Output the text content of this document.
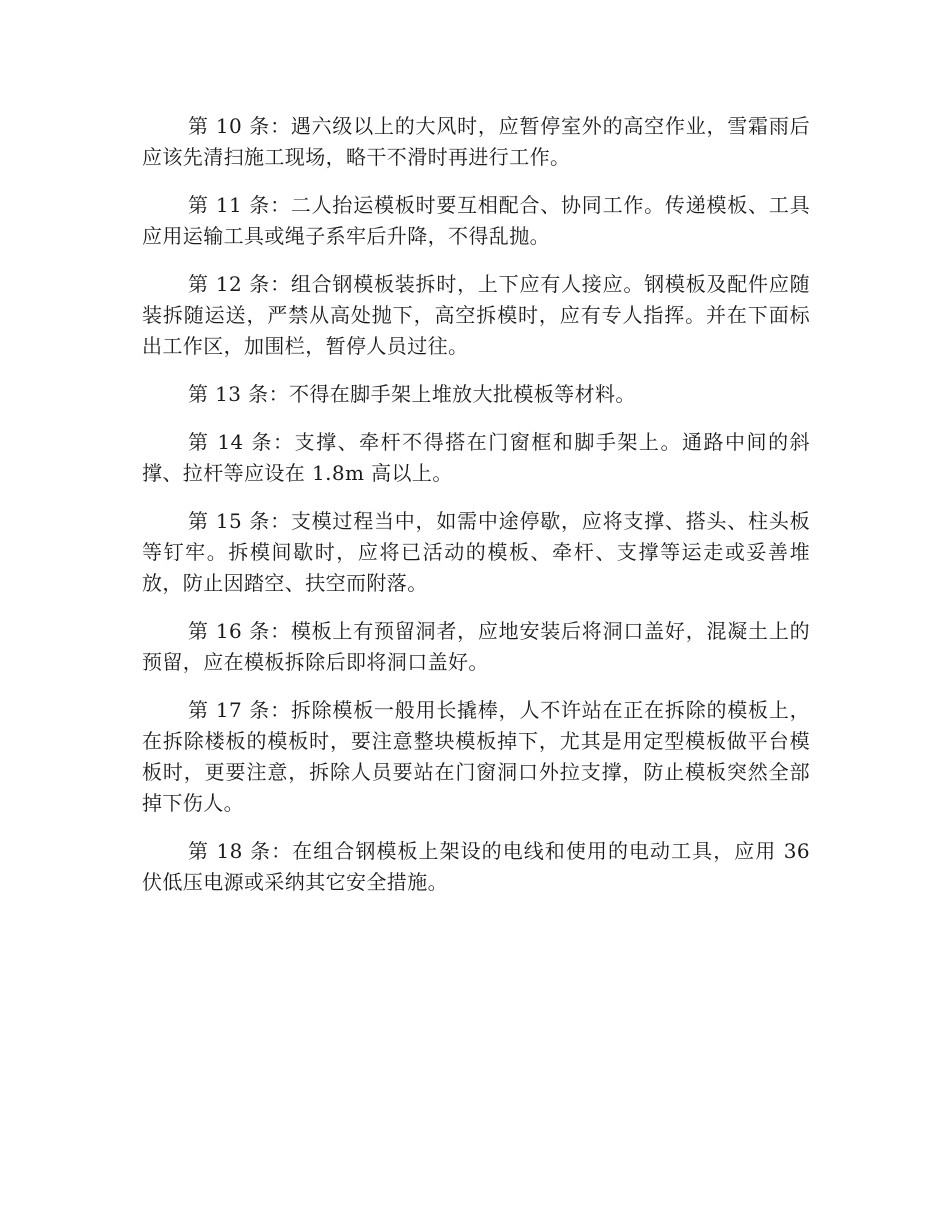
第 10 条：遇六级以上的大风时，应暂停室外的高空作业，雪霜雨后应该先清扫施工现场，略干不滑时再进行工作。

第 11 条：二人抬运模板时要互相配合、协同工作。传递模板、工具应用运输工具或绳子系牢后升降，不得乱抛。

第 12 条：组合钢模板装拆时，上下应有人接应。钢模板及配件应随装拆随运送，严禁从高处抛下，高空拆模时，应有专人指挥。并在下面标出工作区，加围栏，暂停人员过往。

第 13 条：不得在脚手架上堆放大批模板等材料。

第 14 条：支撑、牵杆不得搭在门窗框和脚手架上。通路中间的斜撑、拉杆等应设在 1.8m 高以上。

第 15 条：支模过程当中，如需中途停歇，应将支撑、搭头、柱头板等钉牢。拆模间歇时，应将已活动的模板、牵杆、支撑等运走或妥善堆放，防止因踏空、扶空而附落。

第 16 条：模板上有预留洞者，应地安装后将洞口盖好，混凝土上的预留，应在模板拆除后即将洞口盖好。

第 17 条：拆除模板一般用长撬棒，人不许站在正在拆除的模板上，在拆除楼板的模板时，要注意整块模板掉下，尤其是用定型模板做平台模板时，更要注意，拆除人员要站在门窗洞口外拉支撑，防止模板突然全部掉下伤人。

第 18 条：在组合钢模板上架设的电线和使用的电动工具，应用 36 伏低压电源或采纳其它安全措施。
